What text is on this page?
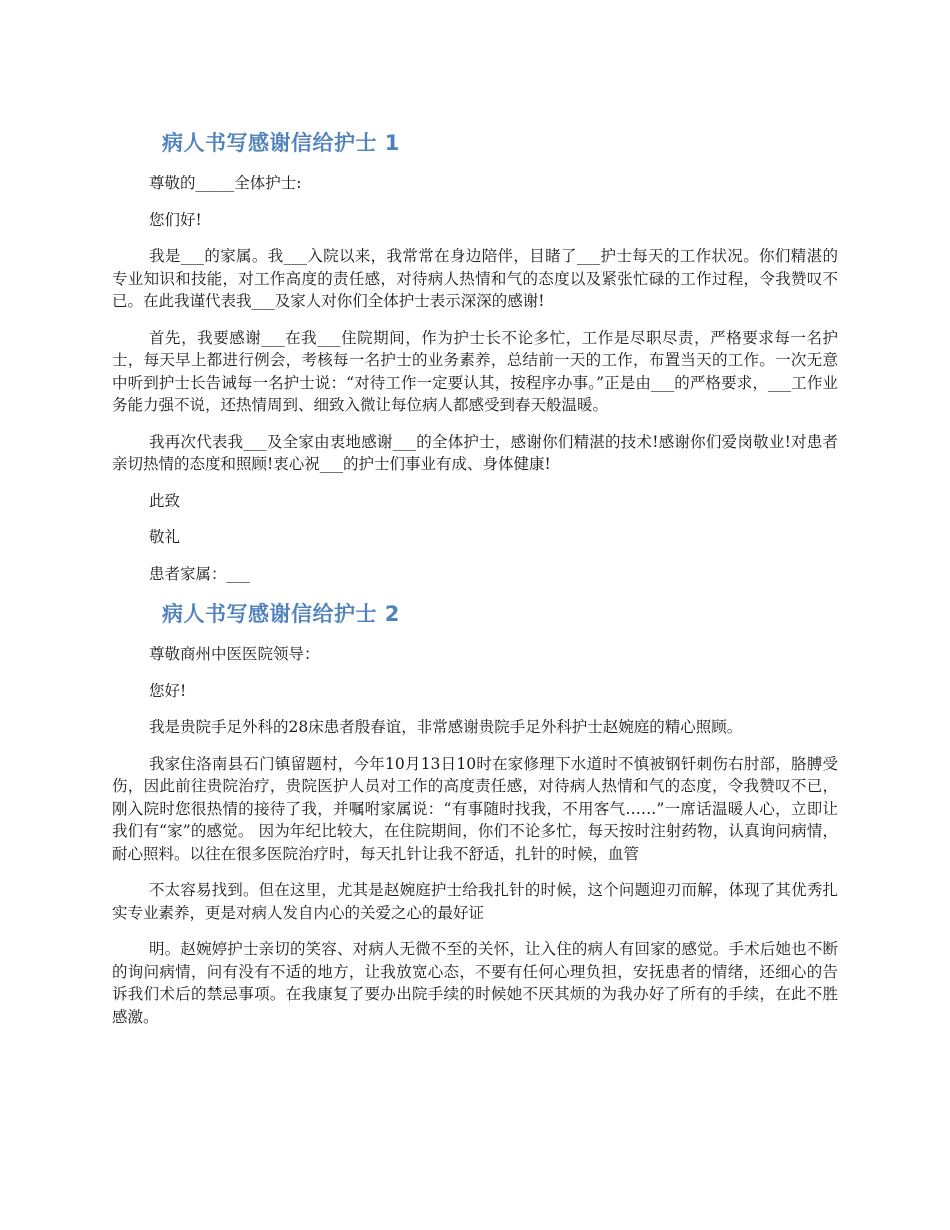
病人书写感谢信给护士 1

尊敬的_____全体护士:

您们好!

我是___的家属。我___入院以来，我常常在身边陪伴，目睹了___护士每天的工作状况。你们精湛的专业知识和技能，对工作高度的责任感，对待病人热情和气的态度以及紧张忙碌的工作过程，令我赞叹不已。在此我谨代表我___及家人对你们全体护士表示深深的感谢!

首先，我要感谢___在我___住院期间，作为护士长不论多忙，工作是尽职尽责，严格要求每一名护士，每天早上都进行例会，考核每一名护士的业务素养，总结前一天的工作，布置当天的工作。一次无意中听到护士长告诫每一名护士说：“对待工作一定要认其，按程序办事。”正是由___的严格要求，___工作业务能力强不说，还热情周到、细致入微让每位病人都感受到春天般温暖。

我再次代表我___及全家由衷地感谢___的全体护士，感谢你们精湛的技术!感谢你们爱岗敬业!对患者亲切热情的态度和照顾!衷心祝___的护士们事业有成、身体健康!

此致

敬礼

患者家属：___

病人书写感谢信给护士 2

尊敬商州中医医院领导：

您好!

我是贵院手足外科的28床患者殷春谊，非常感谢贵院手足外科护士赵婉庭的精心照顾。

我家住洛南县石门镇留题村，今年10月13日10时在家修理下水道时不慎被钢钎刺伤右肘部，胳膊受伤，因此前往贵院治疗，贵院医护人员对工作的高度责任感，对待病人热情和气的态度，令我赞叹不已，刚入院时您很热情的接待了我，并嘱咐家属说：“有事随时找我，不用客气……”一席话温暖人心，立即让我们有“家”的感觉。 因为年纪比较大，在住院期间，你们不论多忙，每天按时注射药物，认真询问病情，耐心照料。以往在很多医院治疗时，每天扎针让我不舒适，扎针的时候，血管

不太容易找到。但在这里，尤其是赵婉庭护士给我扎针的时候，这个问题迎刃而解，体现了其优秀扎实专业素养，更是对病人发自内心的关爱之心的最好证

明。赵婉婷护士亲切的笑容、对病人无微不至的关怀，让入住的病人有回家的感觉。手术后她也不断的询问病情，问有没有不适的地方，让我放宽心态，不要有任何心理负担，安抚患者的情绪，还细心的告诉我们术后的禁忌事项。在我康复了要办出院手续的时候她不厌其烦的为我办好了所有的手续，在此不胜感激。
